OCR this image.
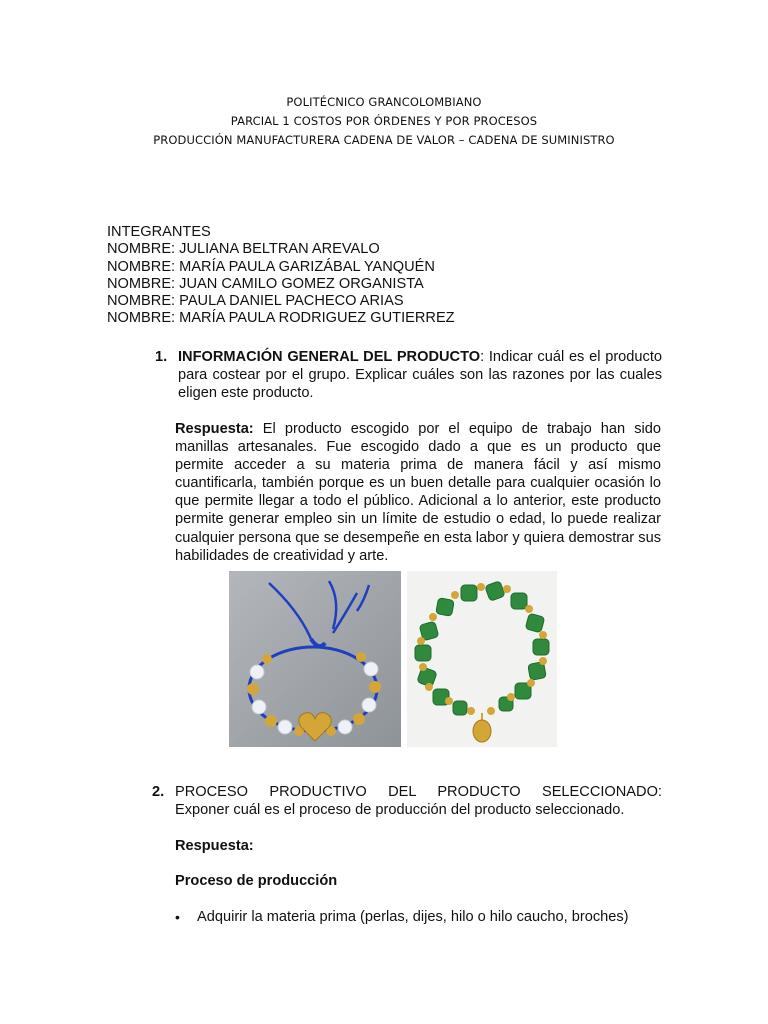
POLITÉCNICO GRANCOLOMBIANO
PARCIAL 1 COSTOS POR ÓRDENES Y POR PROCESOS
PRODUCCIÓN MANUFACTURERA CADENA DE VALOR – CADENA DE SUMINISTRO
INTEGRANTES
NOMBRE: JULIANA BELTRAN AREVALO
NOMBRE: MARÍA PAULA GARIZÁBAL YANQUÉN
NOMBRE: JUAN CAMILO GOMEZ ORGANISTA
NOMBRE: PAULA DANIEL PACHECO ARIAS
NOMBRE: MARÍA PAULA RODRIGUEZ GUTIERREZ
1. INFORMACIÓN GENERAL DEL PRODUCTO: Indicar cuál es el producto para costear por el grupo. Explicar cuáles son las razones por las cuales eligen este producto.
Respuesta: El producto escogido por el equipo de trabajo han sido manillas artesanales. Fue escogido dado a que es un producto que permite acceder a su materia prima de manera fácil y así mismo cuantificarla, también porque es un buen detalle para cualquier ocasión lo que permite llegar a todo el público. Adicional a lo anterior, este producto permite generar empleo sin un límite de estudio o edad, lo puede realizar cualquier persona que se desempeñe en esta labor y quiera demostrar sus habilidades de creatividad y arte.
2. PROCESO PRODUCTIVO DEL PRODUCTO SELECCIONADO:
Exponer cuál es el proceso de producción del producto seleccionado.
Respuesta:
Proceso de producción
• Adquirir la materia prima (perlas, dijes, hilo o hilo caucho, broches)
